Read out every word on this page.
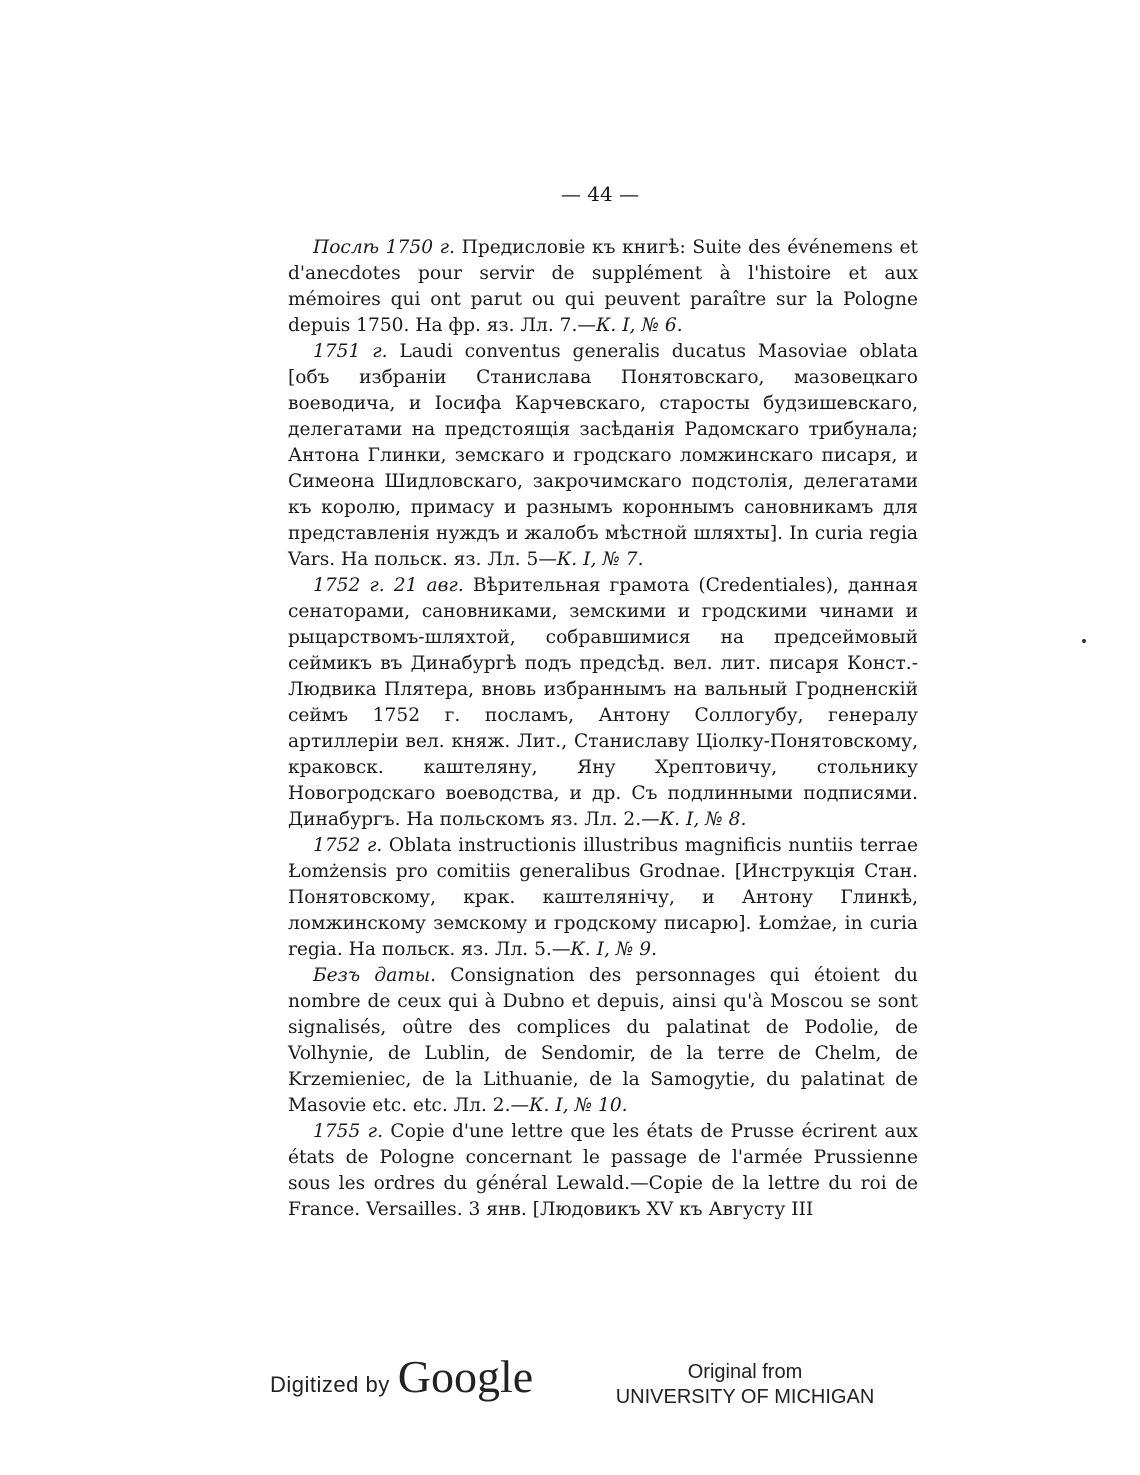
— 44 —

Послѣ 1750 г. Предисловіе къ книгѣ: Suite des événemens et d'anecdotes pour servir de supplément à l'histoire et aux mémoires qui ont parut ou qui peuvent paraître sur la Pologne depuis 1750. На фр. яз. Лл. 7.—К. I, № 6.

1751 г. Laudi conventus generalis ducatus Masoviae oblata [объ избраніи Станислава Понятовскаго, мазовецкаго воеводича, и Іосифа Карчевскаго, старосты будзишевскаго, делегатами на предстоящія засѣданія Радомскаго трибунала; Антона Глинки, земскаго и гродскаго ломжинскаго писаря, и Симеона Шидловскаго, закрочимскаго подстолія, делегатами къ королю, примасу и разнымъ короннымъ сановникамъ для представленія нуждъ и жалобъ мѣстной шляхты]. In curia regia Vars. На польск. яз. Лл. 5—К. I, № 7.

1752 г. 21 авг. Вѣрительная грамота (Credentiales), данная сенаторами, сановниками, земскими и гродскими чинами и рыцарствомъ-шляхтой, собравшимися на предсеймовый сеймикъ въ Динабургѣ подъ предсѣд. вел. лит. писаря Конст.-Людвика Плятера, вновь избраннымъ на вальный Гродненскій сеймъ 1752 г. посламъ, Антону Соллогубу, генералу артиллеріи вел. княж. Лит., Станиславу Ціолку-Понятовскому, краковск. каштеляну, Яну Хрептовичу, стольнику Новогродскаго воеводства, и др. Съ подлинными подписями. Динабургъ. На польскомъ яз. Лл. 2.—К. I, № 8.

1752 г. Oblata instructionis illustribus magnificis nuntiis terrae Łomżensis pro comitiis generalibus Grodnae. [Инструкція Стан. Понятовскому, крак. каштелянічу, и Антону Глинкѣ, ломжинскому земскому и гродскому писарю]. Łomżae, in curia regia. На польск. яз. Лл. 5.—К. I, № 9.

Безъ даты. Consignation des personnages qui étoient du nombre de ceux qui à Dubno et depuis, ainsi qu'à Moscou se sont signalisés, oûtre des complices du palatinat de Podolie, de Volhynie, de Lublin, de Sendomir, de la terre de Chelm, de Krzemieniec, de la Lithuanie, de la Samogytie, du palatinat de Masovie etc. etc. Лл. 2.—К. I, № 10.

1755 г. Copie d'une lettre que les états de Prusse écrirent aux états de Pologne concernant le passage de l'armée Prussienne sous les ordres du général Lewald.—Copie de la lettre du roi de France. Versailles. 3 янв. [Людовикъ XV къ Августу III

Digitized by Google	Original from
UNIVERSITY OF MICHIGAN
